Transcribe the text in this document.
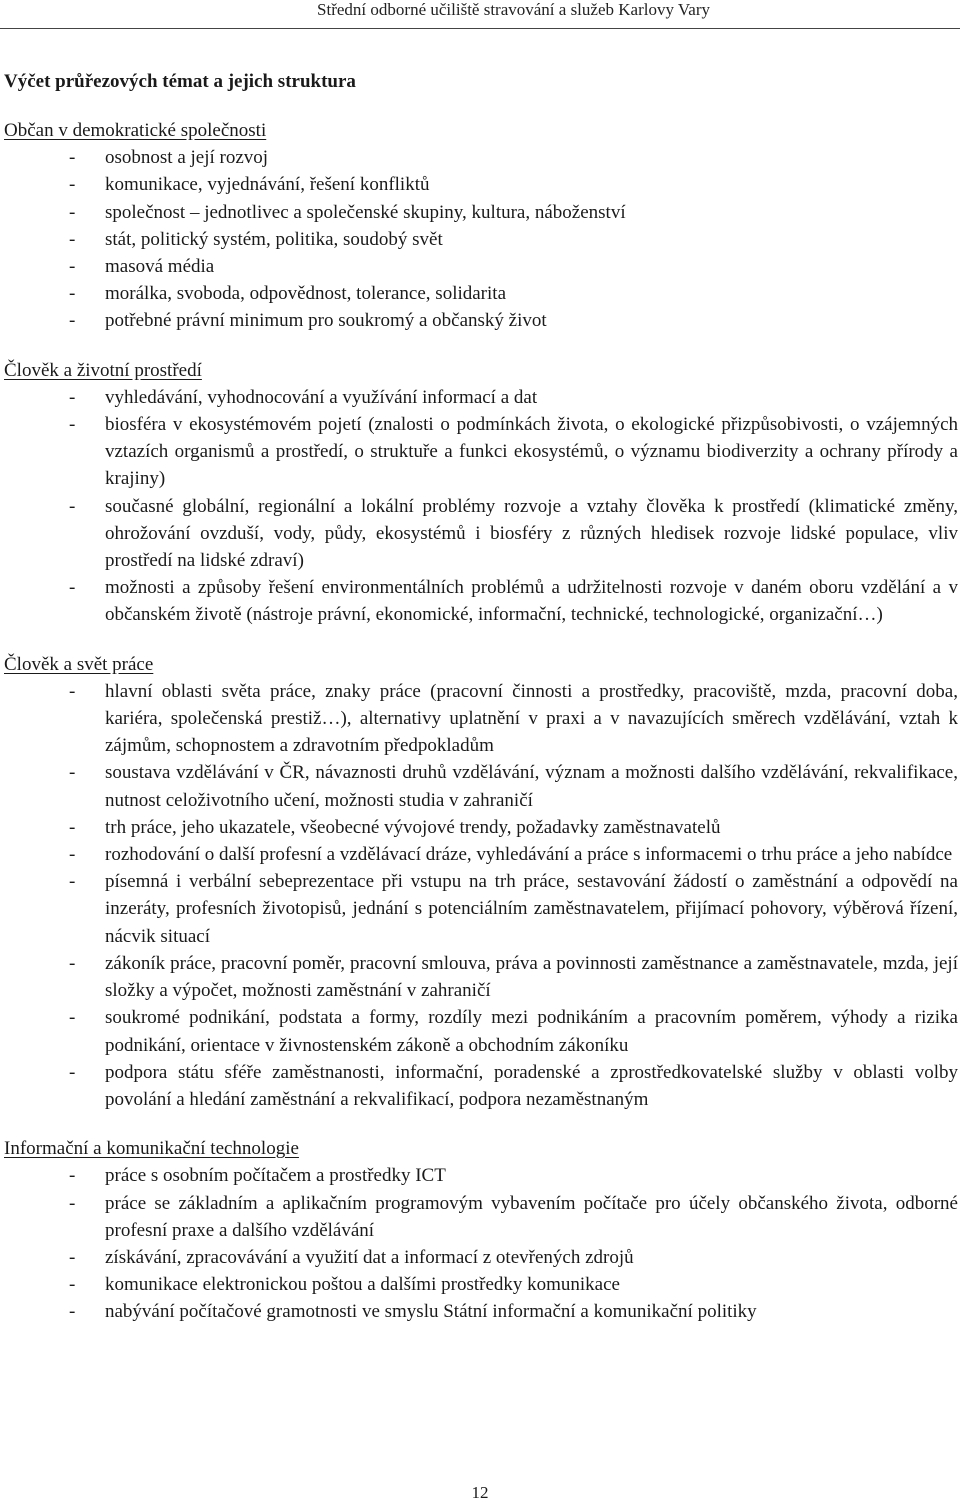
Střední odborné učiliště stravování a služeb Karlovy Vary

Výčet průřezových témat a jejich struktura

Občan v demokratické společnosti
- osobnost a její rozvoj
- komunikace, vyjednávání, řešení konfliktů
- společnost – jednotlivec a společenské skupiny, kultura, náboženství
- stát, politický systém, politika, soudobý svět
- masová média
- morálka, svoboda, odpovědnost, tolerance, solidarita
- potřebné právní minimum pro soukromý a občanský život
Člověk a životní prostředí
- vyhledávání, vyhodnocování a využívání informací a dat
- biosféra v ekosystémovém pojetí (znalosti o podmínkách života, o ekologické přizpůsobivosti, o vzájemných vztazích organismů a prostředí, o struktuře a funkci ekosystémů, o významu biodiverzity a ochrany přírody a krajiny)
- současné globální, regionální a lokální problémy rozvoje a vztahy člověka k prostředí (klimatické změny, ohrožování ovzduší, vody, půdy, ekosystémů i biosféry z různých hledisek rozvoje lidské populace, vliv prostředí na lidské zdraví)
- možnosti a způsoby řešení environmentálních problémů a udržitelnosti rozvoje v daném oboru vzdělání a v občanském životě (nástroje právní, ekonomické, informační, technické, technologické, organizační…)
Člověk a svět práce
- hlavní oblasti světa práce, znaky práce (pracovní činnosti a prostředky, pracoviště, mzda, pracovní doba, kariéra, společenská prestiž…), alternativy uplatnění v praxi a v navazujících směrech vzdělávání, vztah k zájmům, schopnostem a zdravotním předpokladům
- soustava vzdělávání v ČR, návaznosti druhů vzdělávání, význam a možnosti dalšího vzdělávání, rekvalifikace, nutnost celoživotního učení, možnosti studia v zahraničí
- trh práce, jeho ukazatele, všeobecné vývojové trendy, požadavky zaměstnavatelů
- rozhodování o další profesní a vzdělávací dráze, vyhledávání a práce s informacemi o trhu práce a jeho nabídce
- písemná i verbální sebeprezentace při vstupu na trh práce, sestavování žádostí o zaměstnání a odpovědí na inzeráty, profesních životopisů, jednání s potenciálním zaměstnavatelem, přijímací pohovory, výběrová řízení, nácvik situací
- zákoník práce, pracovní poměr, pracovní smlouva, práva a povinnosti zaměstnance a zaměstnavatele, mzda, její složky a výpočet, možnosti zaměstnání v zahraničí
- soukromé podnikání, podstata a formy, rozdíly mezi podnikáním a pracovním poměrem, výhody a rizika podnikání, orientace v živnostenském zákoně a obchodním zákoníku
- podpora státu sféře zaměstnanosti, informační, poradenské a zprostředkovatelské služby v oblasti volby povolání a hledání zaměstnání a rekvalifikací, podpora nezaměstnaným
Informační a komunikační technologie
- práce s osobním počítačem a prostředky ICT
- práce se základním a aplikačním programovým vybavením počítače pro účely občanského života, odborné profesní praxe a dalšího vzdělávání
- získávání, zpracovávání a využití dat a informací z otevřených zdrojů
- komunikace elektronickou poštou a dalšími prostředky komunikace
- nabývání počítačové gramotnosti ve smyslu Státní informační a komunikační politiky
12
